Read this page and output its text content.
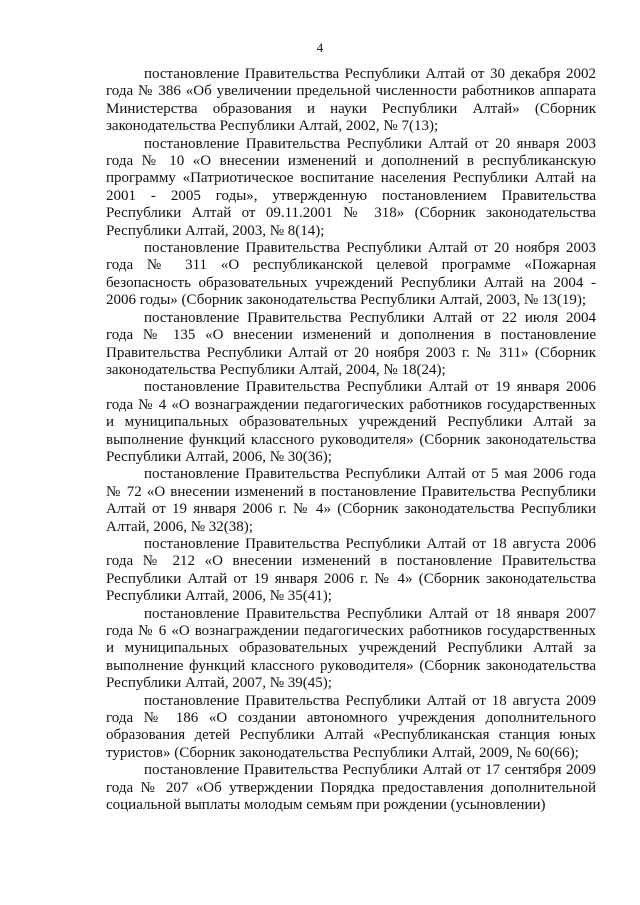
4

постановление Правительства Республики Алтай от 30 декабря 2002 года № 386 «Об увеличении предельной численности работников аппарата Министерства образования и науки Республики Алтай» (Сборник законодательства Республики Алтай, 2002, № 7(13);

постановление Правительства Республики Алтай от 20 января 2003 года № 10 «О внесении изменений и дополнений в республиканскую программу «Патриотическое воспитание населения Республики Алтай на 2001 - 2005 годы», утвержденную постановлением Правительства Республики Алтай от 09.11.2001 № 318» (Сборник законодательства Республики Алтай, 2003, № 8(14);

постановление Правительства Республики Алтай от 20 ноября 2003 года № 311 «О республиканской целевой программе «Пожарная безопасность образовательных учреждений Республики Алтай на 2004 - 2006 годы» (Сборник законодательства Республики Алтай, 2003, № 13(19);

постановление Правительства Республики Алтай от 22 июля 2004 года № 135 «О внесении изменений и дополнения в постановление Правительства Республики Алтай от 20 ноября 2003 г. № 311» (Сборник законодательства Республики Алтай, 2004, № 18(24);

постановление Правительства Республики Алтай от 19 января 2006 года № 4 «О вознаграждении педагогических работников государственных и муниципальных образовательных учреждений Республики Алтай за выполнение функций классного руководителя» (Сборник законодательства Республики Алтай, 2006, № 30(36);

постановление Правительства Республики Алтай от 5 мая 2006 года № 72 «О внесении изменений в постановление Правительства Республики Алтай от 19 января 2006 г. № 4» (Сборник законодательства Республики Алтай, 2006, № 32(38);

постановление Правительства Республики Алтай от 18 августа 2006 года № 212 «О внесении изменений в постановление Правительства Республики Алтай от 19 января 2006 г. № 4» (Сборник законодательства Республики Алтай, 2006, № 35(41);

постановление Правительства Республики Алтай от 18 января 2007 года № 6 «О вознаграждении педагогических работников государственных и муниципальных образовательных учреждений Республики Алтай за выполнение функций классного руководителя» (Сборник законодательства Республики Алтай, 2007, № 39(45);

постановление Правительства Республики Алтай от 18 августа 2009 года № 186 «О создании автономного учреждения дополнительного образования детей Республики Алтай «Республиканская станция юных туристов» (Сборник законодательства Республики Алтай, 2009, № 60(66);

постановление Правительства Республики Алтай от 17 сентября 2009 года № 207 «Об утверждении Порядка предоставления дополнительной социальной выплаты молодым семьям при рождении (усыновлении)
